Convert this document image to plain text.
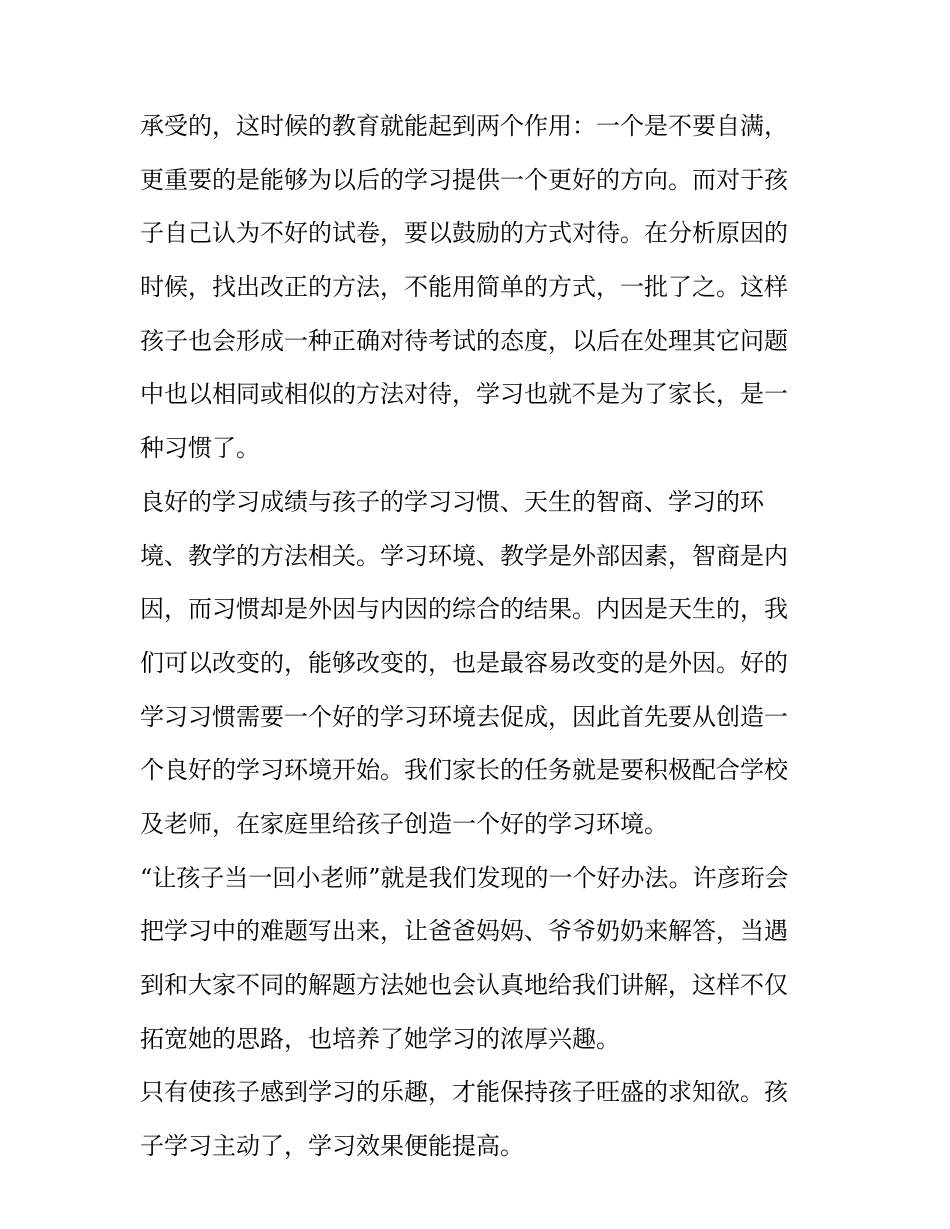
承受的，这时候的教育就能起到两个作用：一个是不要自满，
更重要的是能够为以后的学习提供一个更好的方向。而对于孩
子自己认为不好的试卷，要以鼓励的方式对待。在分析原因的
时候，找出改正的方法，不能用简单的方式，一批了之。这样
孩子也会形成一种正确对待考试的态度，以后在处理其它问题
中也以相同或相似的方法对待，学习也就不是为了家长，是一
种习惯了。
良好的学习成绩与孩子的学习习惯、天生的智商、学习的环
境、教学的方法相关。学习环境、教学是外部因素，智商是内
因，而习惯却是外因与内因的综合的结果。内因是天生的，我
们可以改变的，能够改变的，也是最容易改变的是外因。好的
学习习惯需要一个好的学习环境去促成，因此首先要从创造一
个良好的学习环境开始。我们家长的任务就是要积极配合学校
及老师，在家庭里给孩子创造一个好的学习环境。
“让孩子当一回小老师”就是我们发现的一个好办法。许彦珩会
把学习中的难题写出来，让爸爸妈妈、爷爷奶奶来解答，当遇
到和大家不同的解题方法她也会认真地给我们讲解，这样不仅
拓宽她的思路，也培养了她学习的浓厚兴趣。
只有使孩子感到学习的乐趣，才能保持孩子旺盛的求知欲。孩
子学习主动了，学习效果便能提高。
